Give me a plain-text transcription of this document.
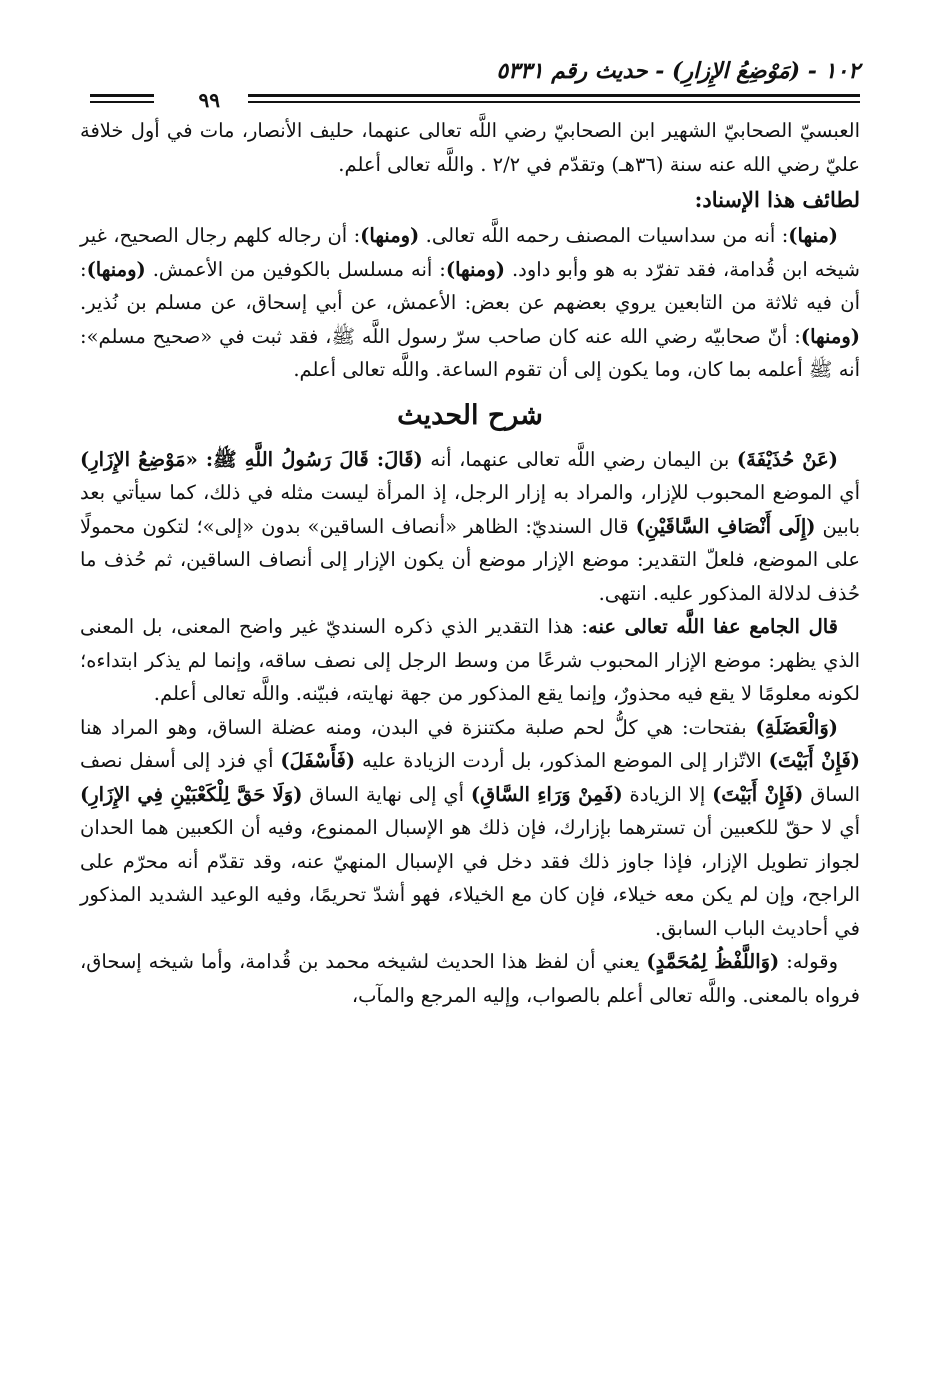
١٠٢ - (مَوْضِعُ الإِزارِ) - حديث رقم ٥٣٣١
٩٩

العبسيّ الصحابيّ الشهير ابن الصحابيّ رضي اللَّه تعالى عنهما، حليف الأنصار، مات في أول خلافة عليّ رضي الله عنه سنة (٣٦هـ) وتقدّم في ٢/٢ . واللَّه تعالى أعلم.

لطائف هذا الإسناد:

(منها): أنه من سداسيات المصنف رحمه اللَّه تعالى. (ومنها): أن رجاله كلهم رجال الصحيح، غير شيخه ابن قُدامة، فقد تفرّد به هو وأبو داود. (ومنها): أنه مسلسل بالكوفين من الأعمش. (ومنها): أن فيه ثلاثة من التابعين يروي بعضهم عن بعض: الأعمش، عن أبي إسحاق، عن مسلم بن نُذير. (ومنها): أنّ صحابيّه رضي الله عنه كان صاحب سرّ رسول اللَّه ﷺ، فقد ثبت في «صحيح مسلم»: أنه ﷺ أعلمه بما كان، وما يكون إلى أن تقوم الساعة. واللَّه تعالى أعلم.

شرح الحديث

(عَنْ حُذَيْفَةَ) بن اليمان رضي اللَّه تعالى عنهما، أنه (قَالَ: قَالَ رَسُولُ اللَّهِ ﷺ: «مَوْضِعُ الإِزَارِ) أي الموضع المحبوب للإزار، والمراد به إزار الرجل، إذ المرأة ليست مثله في ذلك، كما سيأتي بعد بابين (إِلَى أَنْصَافِ السَّاقَيْنِ) قال السنديّ: الظاهر «أنصاف الساقين» بدون «إلى»؛ لتكون محمولًا على الموضع، فلعلّ التقدير: موضع الإزار موضع أن يكون الإزار إلى أنصاف الساقين، ثم حُذف ما حُذف لدلالة المذكور عليه. انتهى.

قال الجامع عفا اللَّه تعالى عنه: هذا التقدير الذي ذكره السنديّ غير واضح المعنى، بل المعنى الذي يظهر: موضع الإزار المحبوب شرعًا من وسط الرجل إلى نصف ساقه، وإنما لم يذكر ابتداءه؛ لكونه معلومًا لا يقع فيه محذورٌ، وإنما يقع المذكور من جهة نهايته، فبيّنه. واللَّه تعالى أعلم.

(وَالْعَضَلَةِ) بفتحات: هي كلُّ لحم صلبة مكتنزة في البدن، ومنه عضلة الساق، وهو المراد هنا (فَإِنْ أَبَيْتَ) الاتّزار إلى الموضع المذكور، بل أردت الزيادة عليه (فَأَسْفَلَ) أي فزد إلى أسفل نصف الساق (فَإِنْ أَبَيْتَ) إلا الزيادة (فَمِنْ وَرَاءِ السَّاقِ) أي إلى نهاية الساق (وَلَا حَقَّ لِلْكَعْبَيْنِ فِي الإِزَارِ) أي لا حقّ للكعبين أن تسترهما بإزارك، فإن ذلك هو الإسبال الممنوع، وفيه أن الكعبين هما الحدان لجواز تطويل الإزار، فإذا جاوز ذلك فقد دخل في الإسبال المنهيّ عنه، وقد تقدّم أنه محرّم على الراجح، وإن لم يكن معه خيلاء، فإن كان مع الخيلاء، فهو أشدّ تحريمًا، وفيه الوعيد الشديد المذكور في أحاديث الباب السابق.

وقوله: (وَاللَّفْظُ لِمُحَمَّدٍ) يعني أن لفظ هذا الحديث لشيخه محمد بن قُدامة، وأما شيخه إسحاق، فرواه بالمعنى. واللَّه تعالى أعلم بالصواب، وإليه المرجع والمآب،
